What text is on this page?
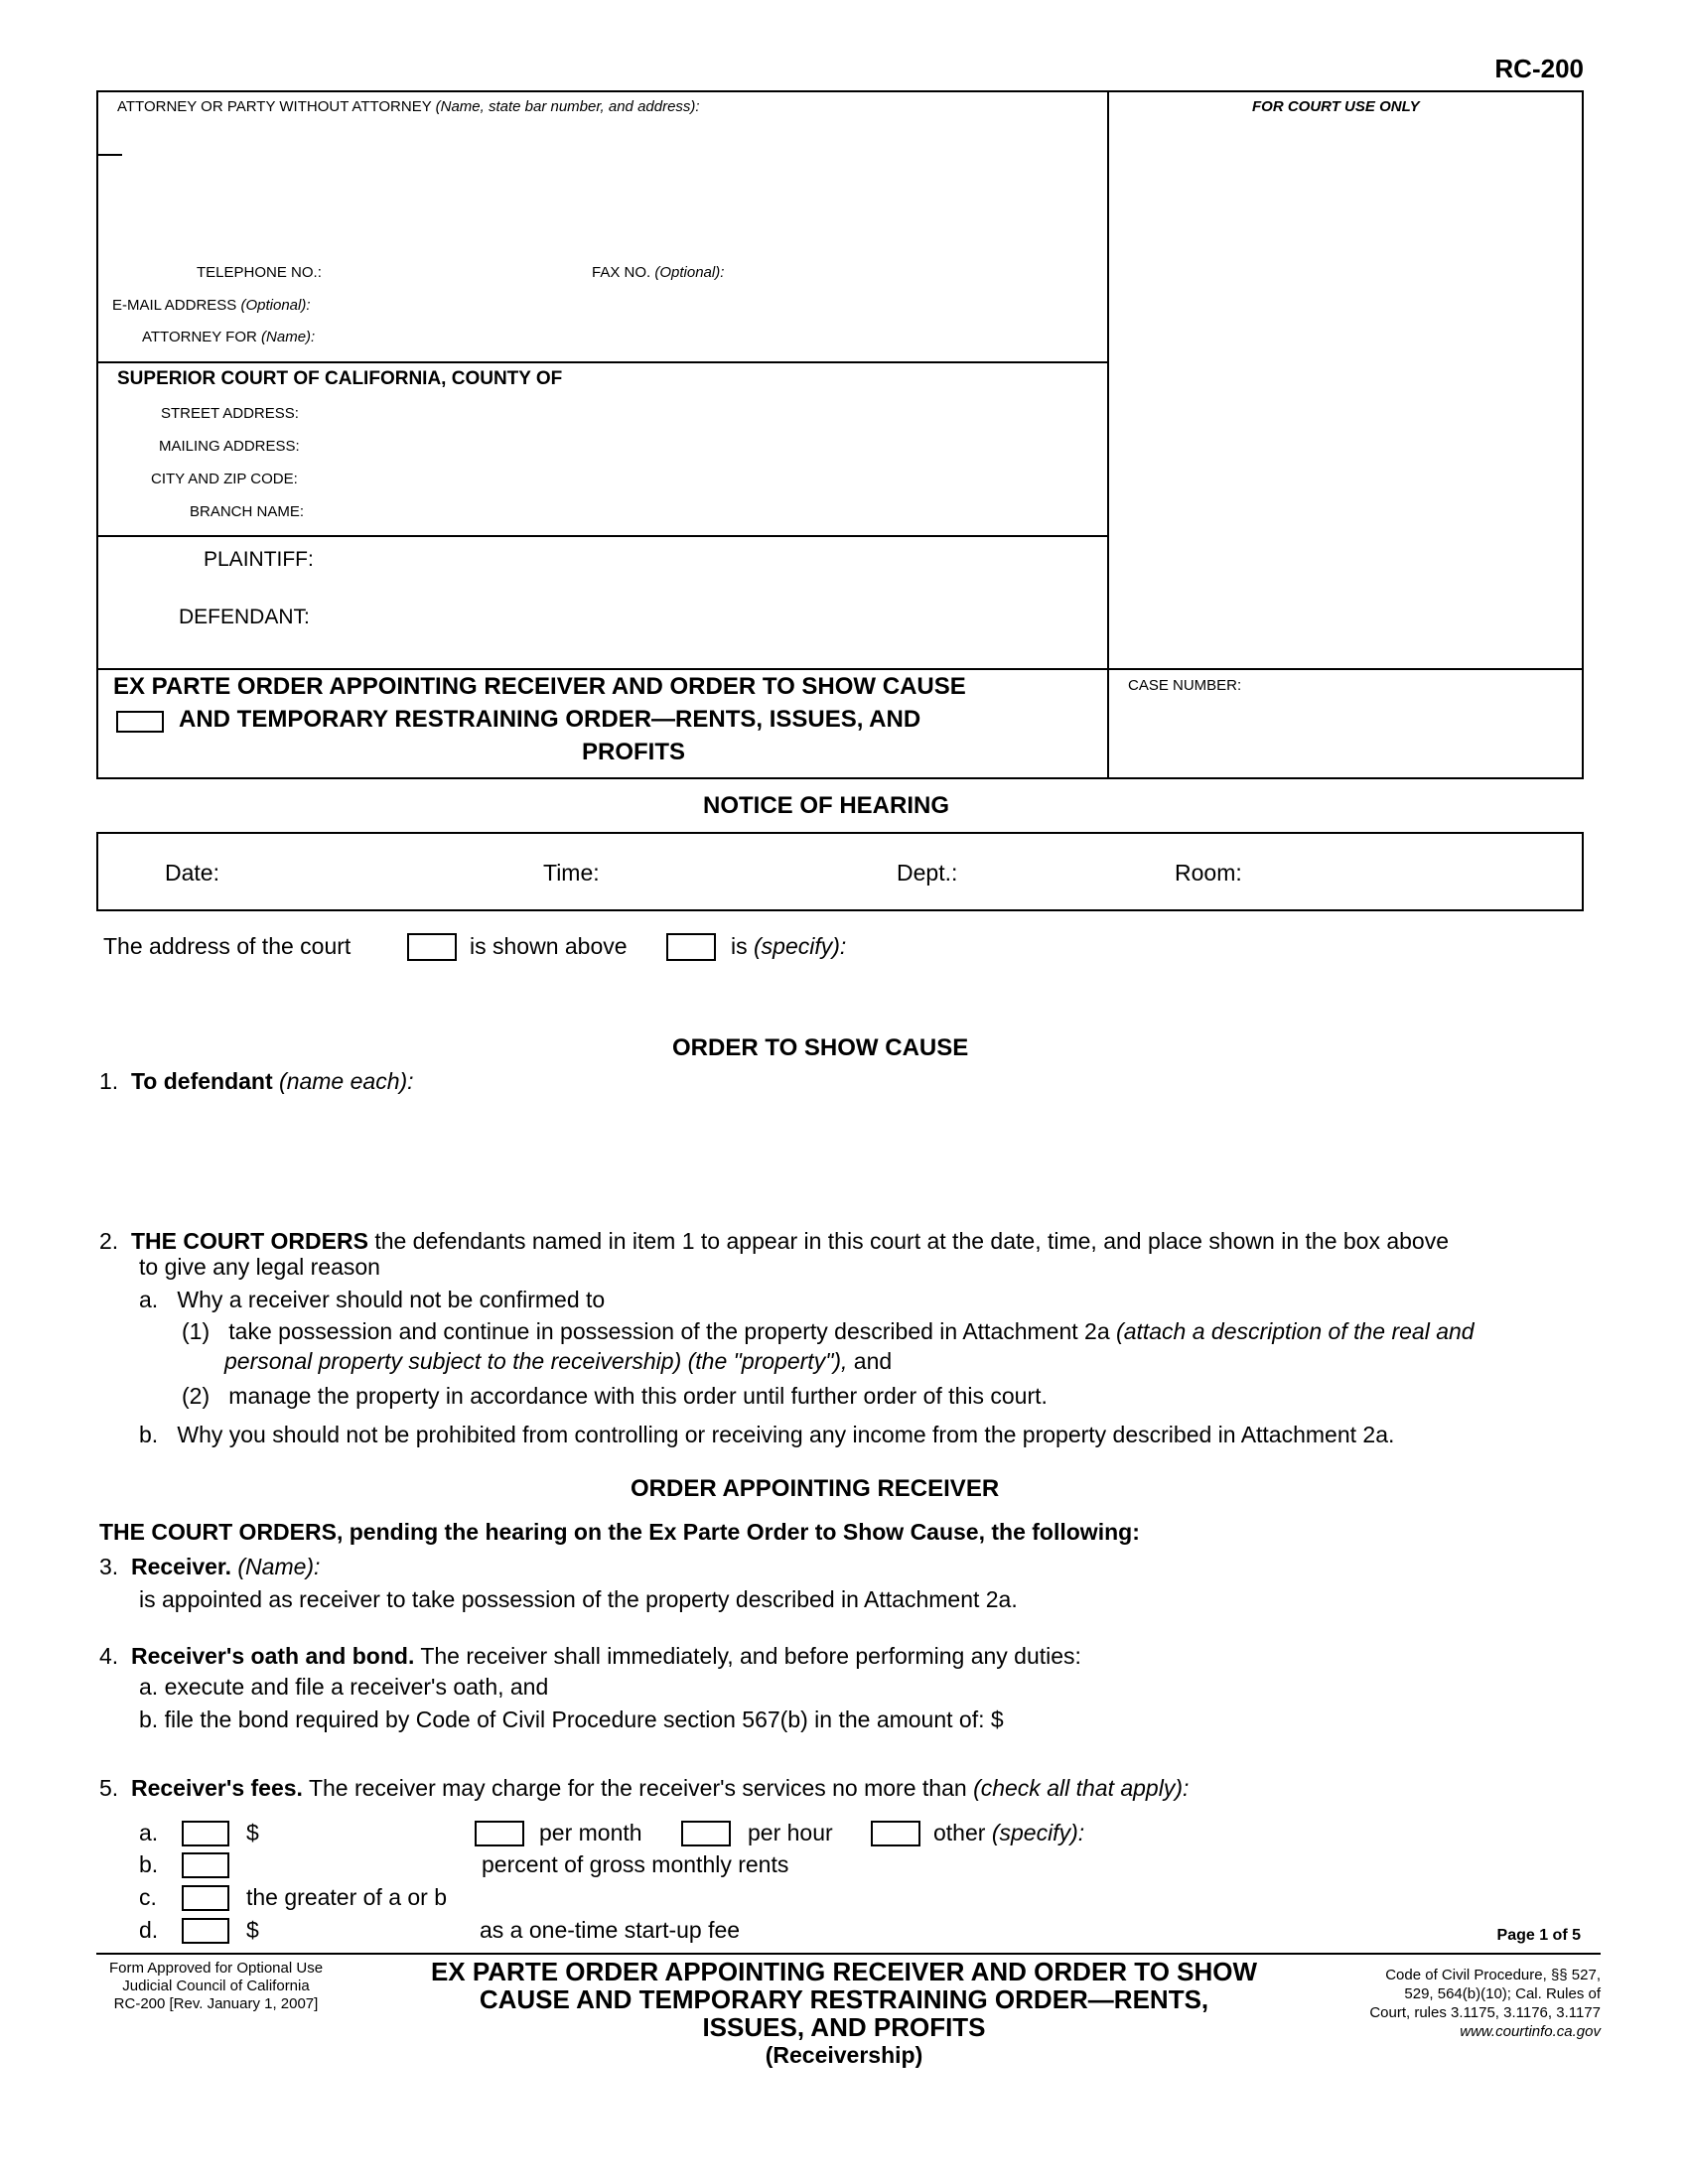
RC-200
ATTORNEY OR PARTY WITHOUT ATTORNEY (Name, state bar number, and address):	FOR COURT USE ONLY
TELEPHONE NO.:	FAX NO. (Optional):
E-MAIL ADDRESS (Optional):
ATTORNEY FOR (Name):
SUPERIOR COURT OF CALIFORNIA, COUNTY OF
STREET ADDRESS:
MAILING ADDRESS:
CITY AND ZIP CODE:
BRANCH NAME:
PLAINTIFF:
DEFENDANT:
EX PARTE ORDER APPOINTING RECEIVER AND ORDER TO SHOW CAUSE
AND TEMPORARY RESTRAINING ORDER—RENTS, ISSUES, AND
PROFITS
CASE NUMBER:
NOTICE OF HEARING
Date:	Time:	Dept.:	Room:
The address of the court	is shown above	is (specify):
ORDER TO SHOW CAUSE
1. To defendant (name each):
2. THE COURT ORDERS the defendants named in item 1 to appear in this court at the date, time, and place shown in the box above
to give any legal reason
a. Why a receiver should not be confirmed to
(1) take possession and continue in possession of the property described in Attachment 2a (attach a description of the real and
personal property subject to the receivership) (the "property"), and
(2) manage the property in accordance with this order until further order of this court.
b. Why you should not be prohibited from controlling or receiving any income from the property described in Attachment 2a.
ORDER APPOINTING RECEIVER
THE COURT ORDERS, pending the hearing on the Ex Parte Order to Show Cause, the following:
3. Receiver. (Name):
is appointed as receiver to take possession of the property described in Attachment 2a.
4. Receiver's oath and bond. The receiver shall immediately, and before performing any duties:
a. execute and file a receiver's oath, and
b. file the bond required by Code of Civil Procedure section 567(b) in the amount of: $
5. Receiver's fees. The receiver may charge for the receiver's services no more than (check all that apply):
a.	$	per month	per hour	other (specify):
b.	percent of gross monthly rents
c.	the greater of a or b
d.	$	as a one-time start-up fee	Page 1 of 5
Form Approved for Optional Use
Judicial Council of California
RC-200 [Rev. January 1, 2007]
EX PARTE ORDER APPOINTING RECEIVER AND ORDER TO SHOW
CAUSE AND TEMPORARY RESTRAINING ORDER—RENTS,
ISSUES, AND PROFITS
(Receivership)
Code of Civil Procedure, §§ 527,
529, 564(b)(10); Cal. Rules of
Court, rules 3.1175, 3.1176, 3.1177
www.courtinfo.ca.gov
